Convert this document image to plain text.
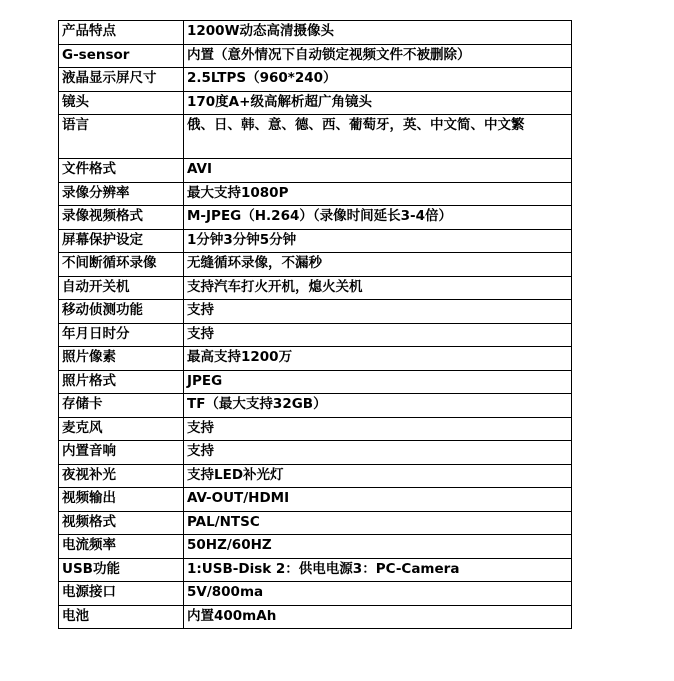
产品特点	1200W动态高清摄像头
G-sensor	内置（意外情况下自动锁定视频文件不被删除）
液晶显示屏尺寸	2.5LTPS（960*240）
镜头	170度A+级高解析超广角镜头
语言	俄、日、韩、意、德、西、葡萄牙，英、中文简、中文繁
文件格式	AVI
录像分辨率	最大支持1080P
录像视频格式	M-JPEG（H.264）（录像时间延长3-4倍）
屏幕保护设定	1分钟3分钟5分钟
不间断循环录像	无缝循环录像，不漏秒
自动开关机	支持汽车打火开机，熄火关机
移动侦测功能	支持
年月日时分	支持
照片像素	最高支持1200万
照片格式	JPEG
存储卡	TF（最大支持32GB）
麦克风	支持
内置音响	支持
夜视补光	支持LED补光灯
视频输出	AV-OUT/HDMI
视频格式	PAL/NTSC
电流频率	50HZ/60HZ
USB功能	1:USB-Disk 2：供电电源3：PC-Camera
电源接口	5V/800ma
电池	内置400mAh
